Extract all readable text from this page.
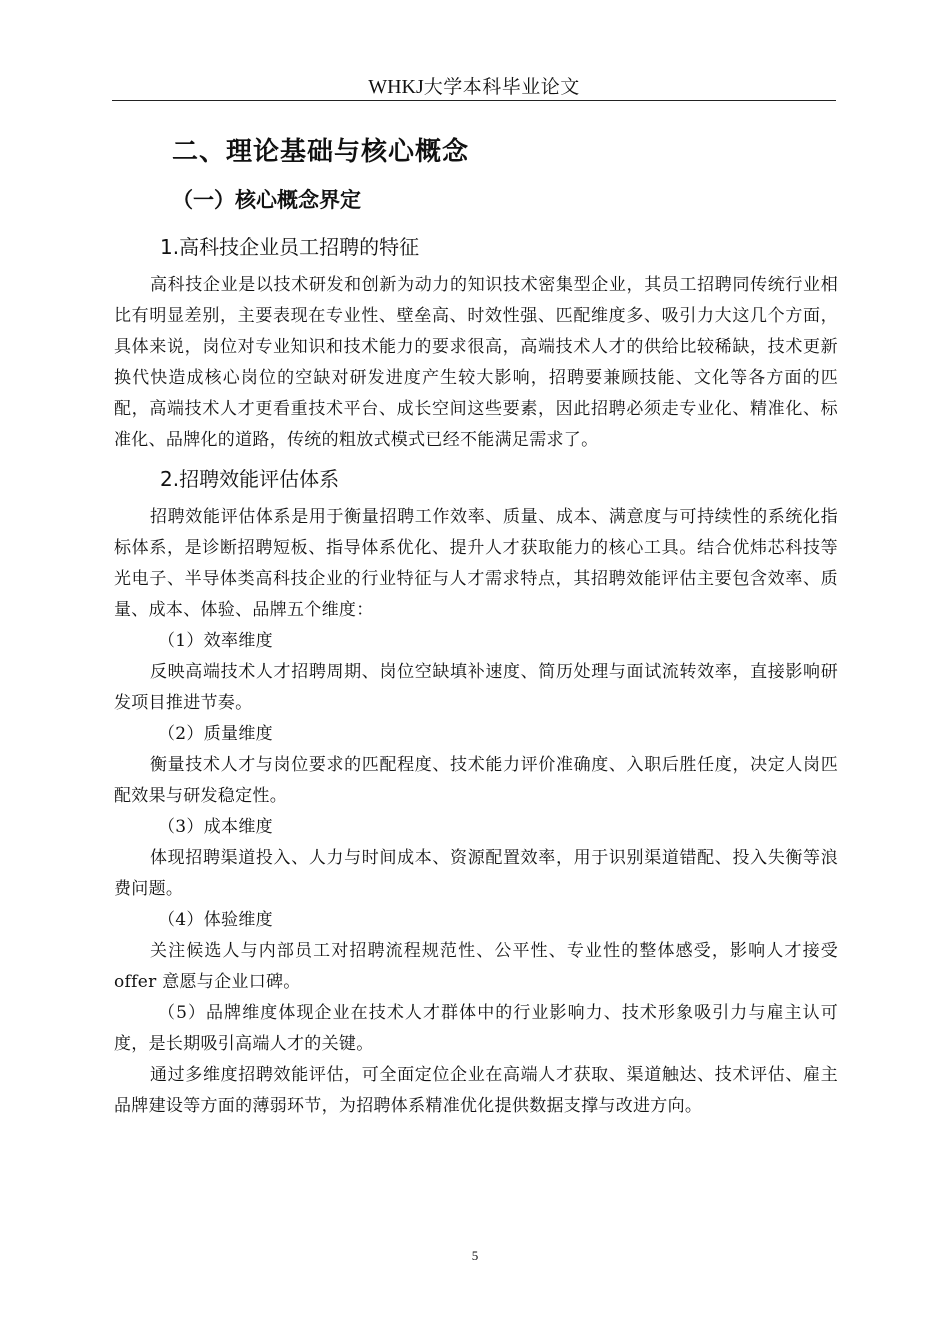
WHKJ大学本科毕业论文
二、理论基础与核心概念
（一）核心概念界定
1.高科技企业员工招聘的特征

高科技企业是以技术研发和创新为动力的知识技术密集型企业，其员工招聘同传统行业相比有明显差别，主要表现在专业性、壁垒高、时效性强、匹配维度多、吸引力大这几个方面，具体来说，岗位对专业知识和技术能力的要求很高，高端技术人才的供给比较稀缺，技术更新换代快造成核心岗位的空缺对研发进度产生较大影响，招聘要兼顾技能、文化等各方面的匹配，高端技术人才更看重技术平台、成长空间这些要素，因此招聘必须走专业化、精准化、标准化、品牌化的道路，传统的粗放式模式已经不能满足需求了。

2.招聘效能评估体系

招聘效能评估体系是用于衡量招聘工作效率、质量、成本、满意度与可持续性的系统化指标体系，是诊断招聘短板、指导体系优化、提升人才获取能力的核心工具。结合优炜芯科技等光电子、半导体类高科技企业的行业特征与人才需求特点，其招聘效能评估主要包含效率、质量、成本、体验、品牌五个维度：

（1）效率维度

反映高端技术人才招聘周期、岗位空缺填补速度、简历处理与面试流转效率，直接影响研发项目推进节奏。

（2）质量维度

衡量技术人才与岗位要求的匹配程度、技术能力评价准确度、入职后胜任度，决定人岗匹配效果与研发稳定性。

（3）成本维度

体现招聘渠道投入、人力与时间成本、资源配置效率，用于识别渠道错配、投入失衡等浪费问题。

（4）体验维度

关注候选人与内部员工对招聘流程规范性、公平性、专业性的整体感受，影响人才接受 offer 意愿与企业口碑。

（5）品牌维度体现企业在技术人才群体中的行业影响力、技术形象吸引力与雇主认可度，是长期吸引高端人才的关键。

通过多维度招聘效能评估，可全面定位企业在高端人才获取、渠道触达、技术评估、雇主品牌建设等方面的薄弱环节，为招聘体系精准优化提供数据支撑与改进方向。

5
